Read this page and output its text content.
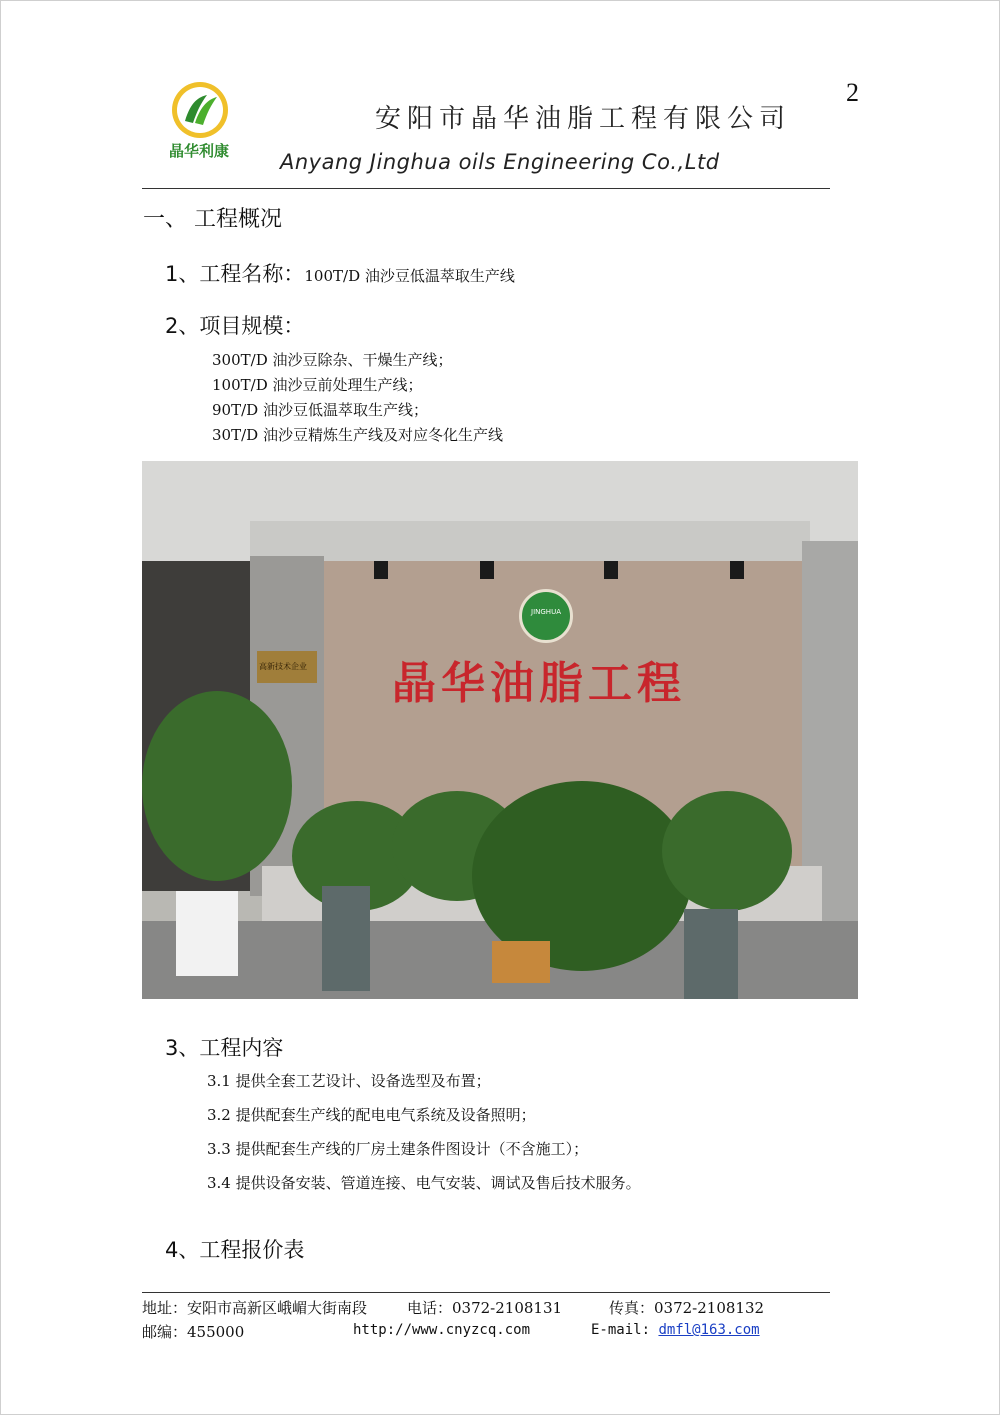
2
晶华利康
安阳市晶华油脂工程有限公司
Anyang Jinghua oils Engineering Co.,Ltd
一、 工程概况
1、工程名称：100T/D 油沙豆低温萃取生产线
2、项目规模：
300T/D 油沙豆除杂、干燥生产线；
100T/D 油沙豆前处理生产线；
90T/D 油沙豆低温萃取生产线；
30T/D 油沙豆精炼生产线及对应冬化生产线
JINGHUA
晶华油脂工程
高新技术企业
3、工程内容
3.1 提供全套工艺设计、设备选型及布置；
3.2 提供配套生产线的配电电气系统及设备照明；
3.3 提供配套生产线的厂房土建条件图设计（不含施工）；
3.4 提供设备安装、管道连接、电气安装、调试及售后技术服务。
4、工程报价表
地址：安阳市高新区峨嵋大街南段	电话：0372-2108131	传真：0372-2108132
邮编：455000	http://www.cnyzcq.com	E-mail: dmfl@163.com
